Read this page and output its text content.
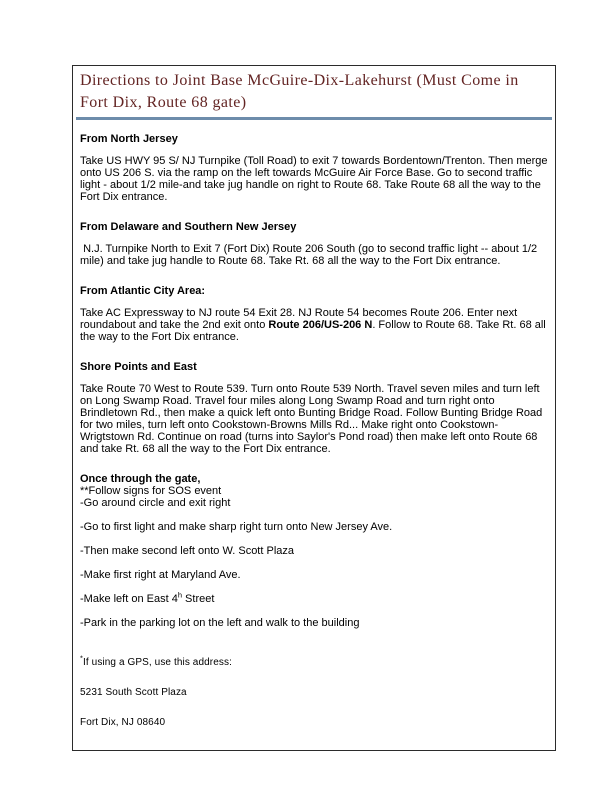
Directions to Joint Base McGuire-Dix-Lakehurst (Must Come in
Fort Dix, Route 68 gate)
From North Jersey
Take US HWY 95 S/ NJ Turnpike (Toll Road) to exit 7 towards Bordentown/Trenton. Then merge onto US 206 S. via the ramp on the left towards McGuire Air Force Base. Go to second traffic light - about 1/2 mile-and take jug handle on right to Route 68. Take Route 68 all the way to the Fort Dix entrance.
From Delaware and Southern New Jersey
N.J. Turnpike North to Exit 7 (Fort Dix) Route 206 South (go to second traffic light -- about 1/2 mile) and take jug handle to Route 68. Take Rt. 68 all the way to the Fort Dix entrance.
From Atlantic City Area:
Take AC Expressway to NJ route 54 Exit 28. NJ Route 54 becomes Route 206. Enter next roundabout and take the 2nd exit onto Route 206/US-206 N. Follow to Route 68. Take Rt. 68 all the way to the Fort Dix entrance.
Shore Points and East
Take Route 70 West to Route 539. Turn onto Route 539 North. Travel seven miles and turn left on Long Swamp Road. Travel four miles along Long Swamp Road and turn right onto Brindletown Rd., then make a quick left onto Bunting Bridge Road. Follow Bunting Bridge Road for two miles, turn left onto Cookstown-Browns Mills Rd... Make right onto Cookstown-Wrigtstown Rd. Continue on road (turns into Saylor's Pond road) then make left onto Route 68 and take Rt. 68 all the way to the Fort Dix entrance.
Once through the gate,
**Follow signs for SOS event
-Go around circle and exit right
-Go to first light and make sharp right turn onto New Jersey Ave.
-Then make second left onto W. Scott Plaza
-Make first right at Maryland Ave.
-Make left on East 4$^h$ Street
-Park in the parking lot on the left and walk to the building
*If using a GPS, use this address:
5231 South Scott Plaza
Fort Dix, NJ 08640
